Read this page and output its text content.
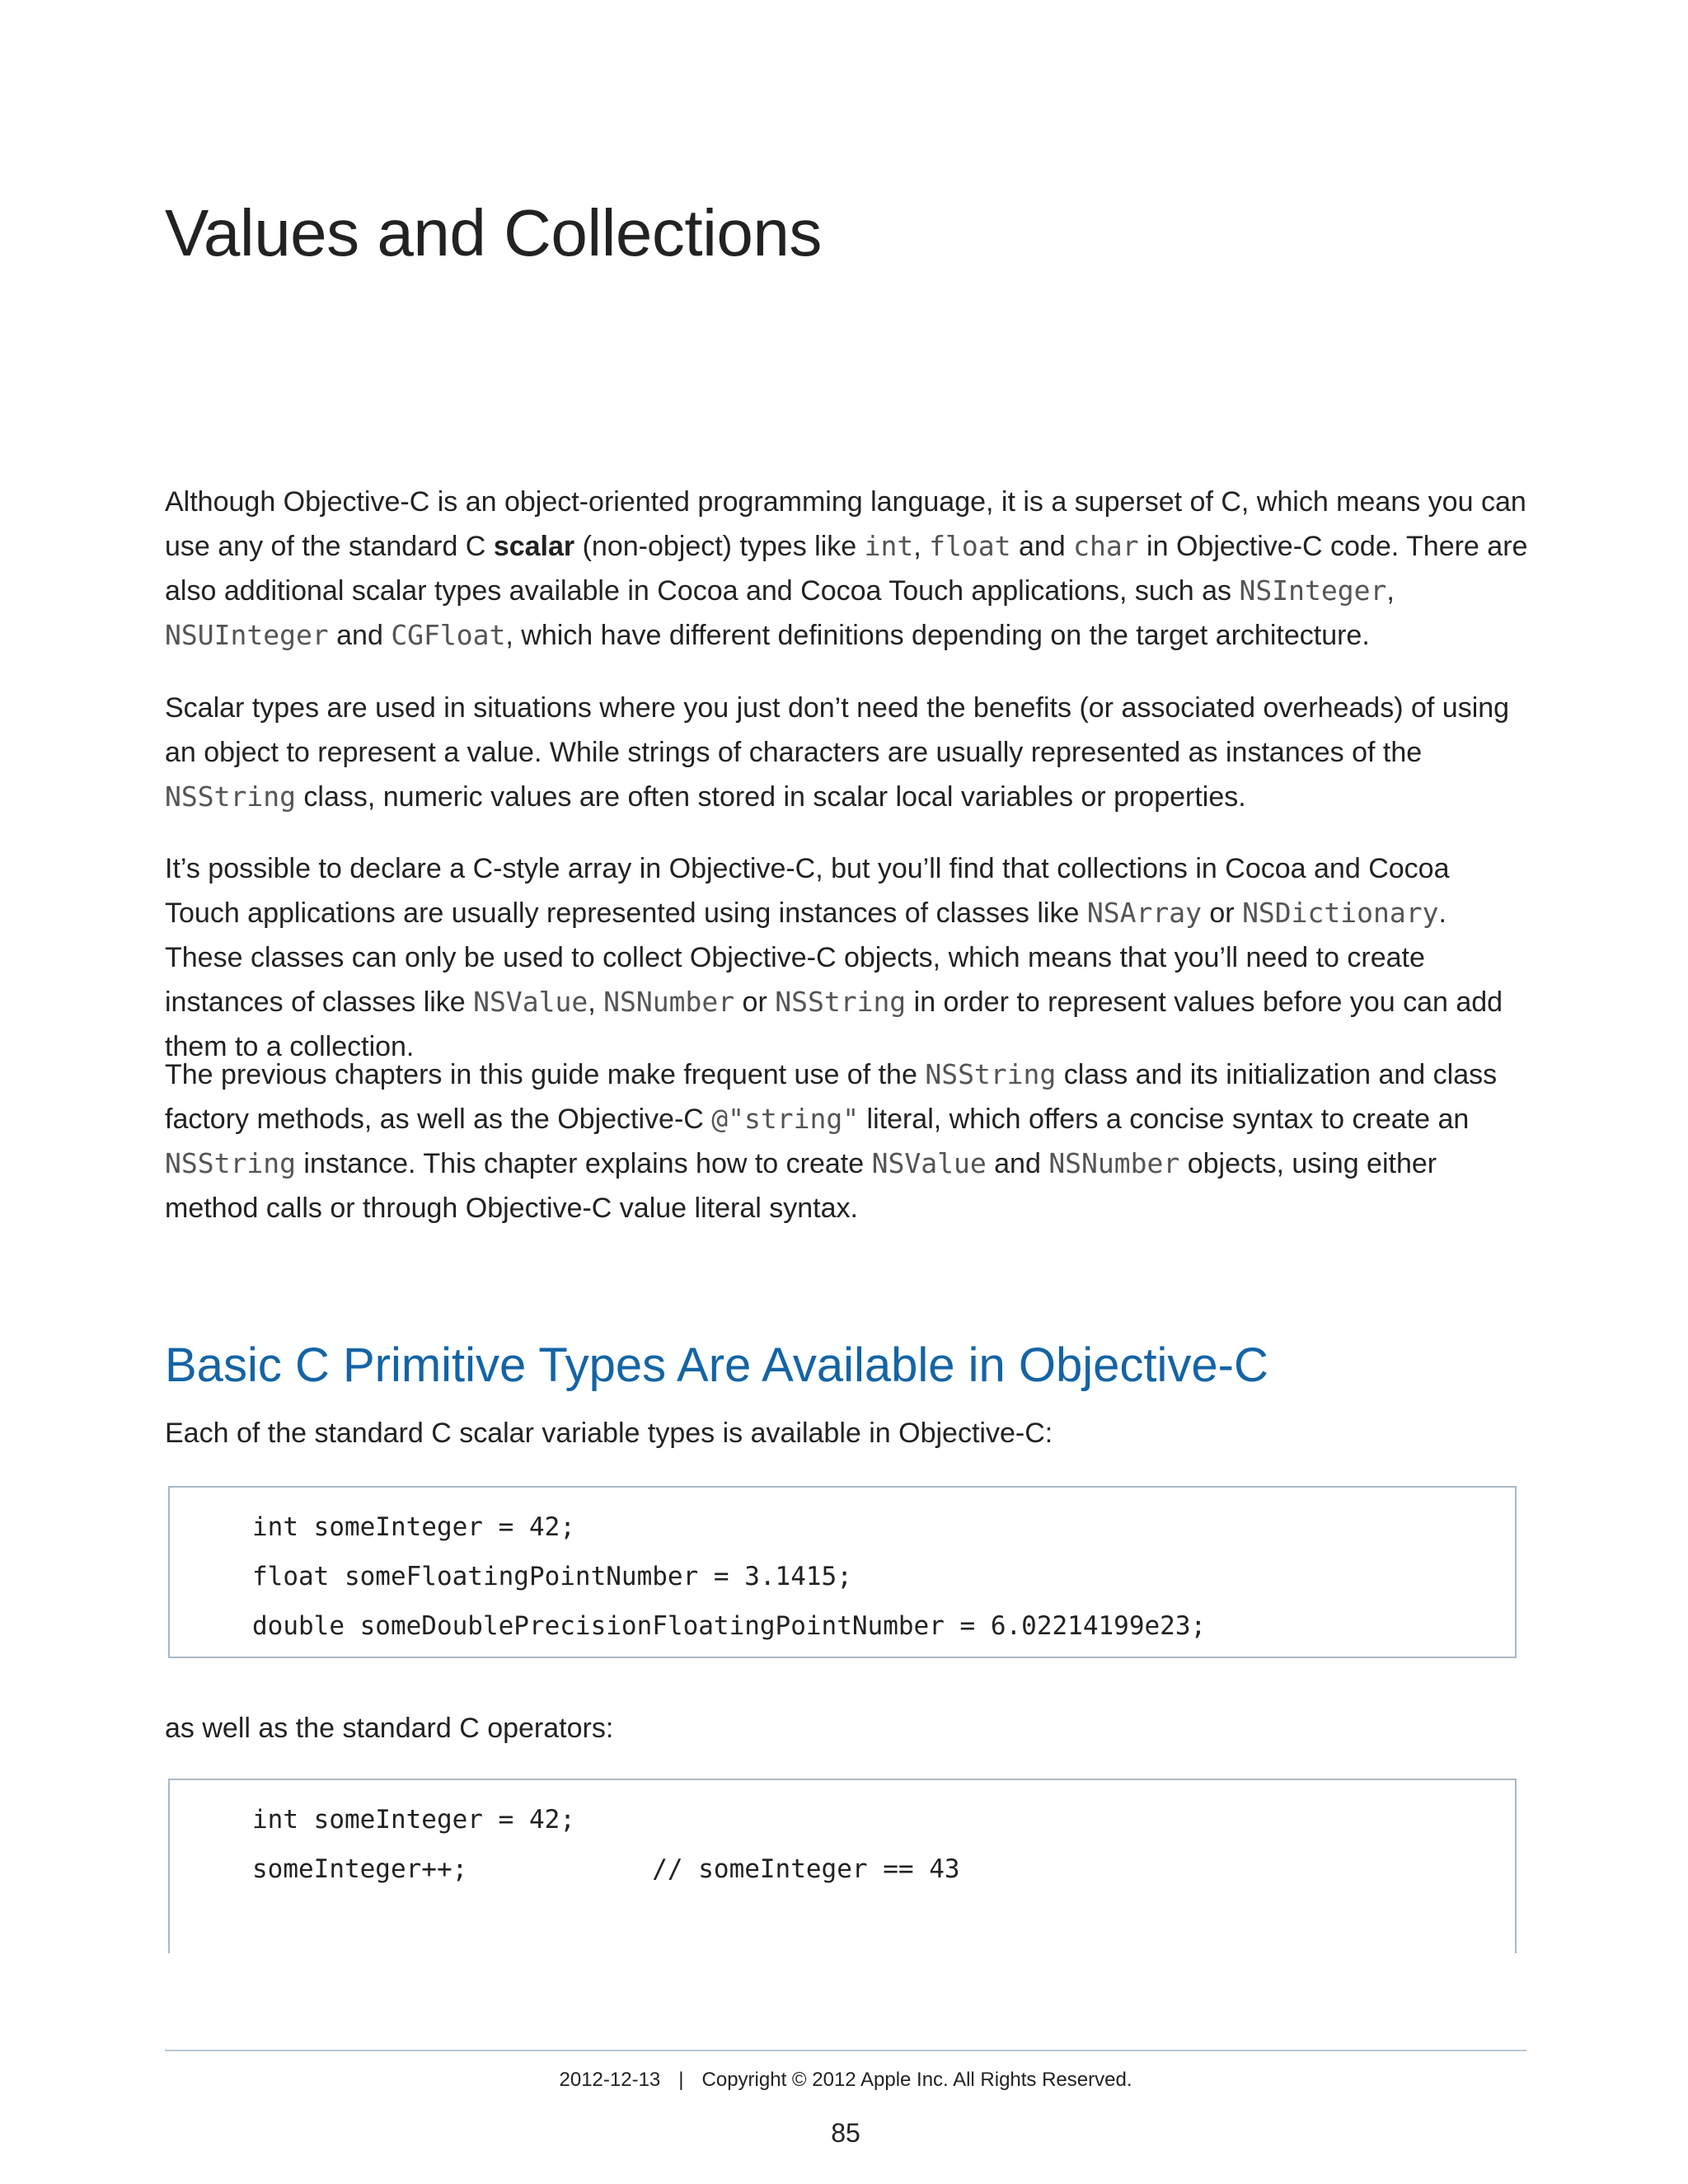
Values and Collections

Although Objective-C is an object-oriented programming language, it is a superset of C, which means you can use any of the standard C scalar (non-object) types like int, float and char in Objective-C code. There are also additional scalar types available in Cocoa and Cocoa Touch applications, such as NSInteger, NSUInteger and CGFloat, which have different definitions depending on the target architecture.

Scalar types are used in situations where you just don’t need the benefits (or associated overheads) of using an object to represent a value. While strings of characters are usually represented as instances of the NSString class, numeric values are often stored in scalar local variables or properties.

It’s possible to declare a C-style array in Objective-C, but you’ll find that collections in Cocoa and Cocoa Touch applications are usually represented using instances of classes like NSArray or NSDictionary. These classes can only be used to collect Objective-C objects, which means that you’ll need to create instances of classes like NSValue, NSNumber or NSString in order to represent values before you can add them to a collection.

The previous chapters in this guide make frequent use of the NSString class and its initialization and class factory methods, as well as the Objective-C @"string" literal, which offers a concise syntax to create an NSString instance. This chapter explains how to create NSValue and NSNumber objects, using either method calls or through Objective-C value literal syntax.

Basic C Primitive Types Are Available in Objective-C

Each of the standard C scalar variable types is available in Objective-C:

int someInteger = 42;
float someFloatingPointNumber = 3.1415;
double someDoublePrecisionFloatingPointNumber = 6.02214199e23;

as well as the standard C operators:

int someInteger = 42;
someInteger++;            // someInteger == 43
2012-12-13 | Copyright © 2012 Apple Inc. All Rights Reserved.
85
